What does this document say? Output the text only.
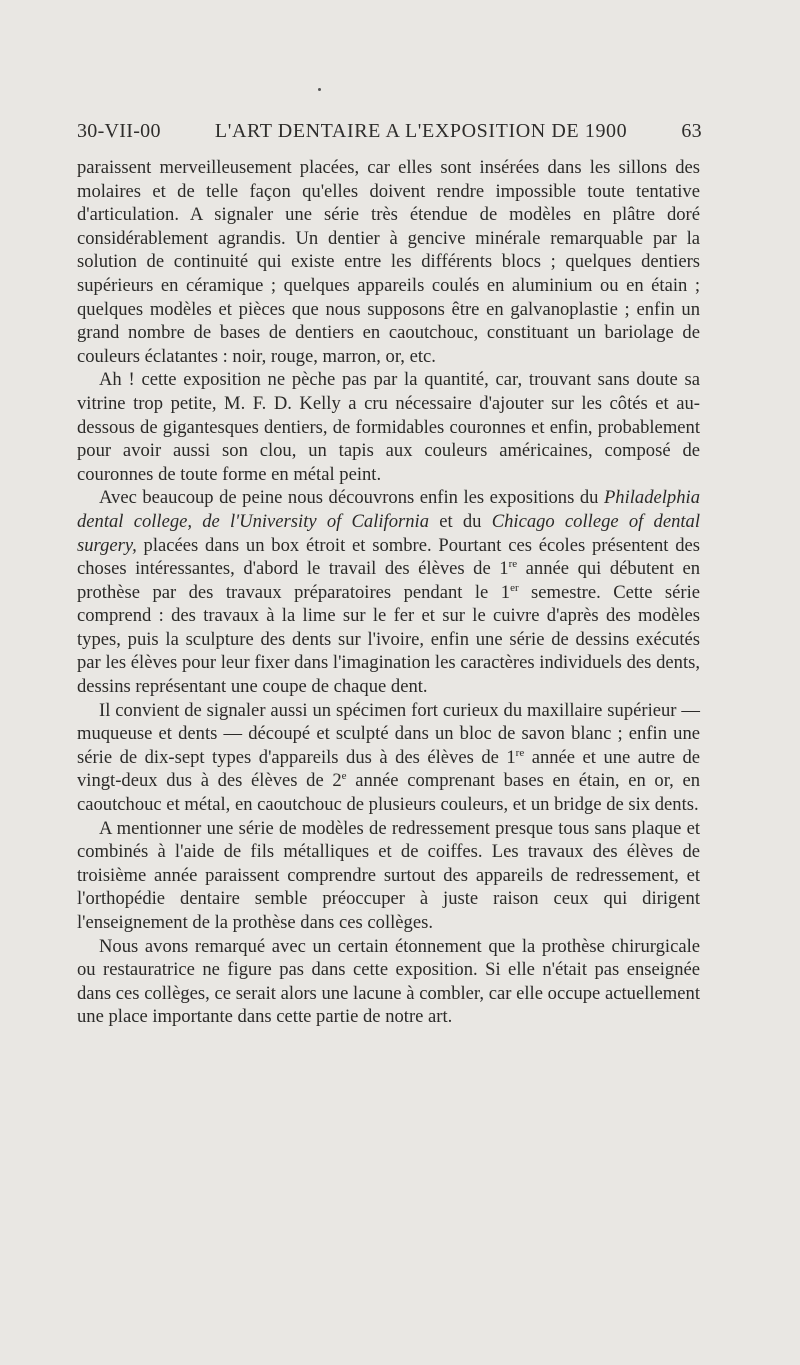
30-VII-00	L'ART DENTAIRE A L'EXPOSITION DE 1900	63

paraissent merveilleusement placées, car elles sont insérées dans les sillons des molaires et de telle façon qu'elles doivent rendre impossible toute tentative d'articulation. A signaler une série très étendue de modèles en plâtre doré considérablement agrandis. Un dentier à gencive minérale remarquable par la solution de continuité qui existe entre les différents blocs ; quelques dentiers supérieurs en céramique ; quelques appareils coulés en aluminium ou en étain ; quelques modèles et pièces que nous supposons être en galvanoplastie ; enfin un grand nombre de bases de dentiers en caoutchouc, constituant un bariolage de couleurs éclatantes : noir, rouge, marron, or, etc.

Ah ! cette exposition ne pèche pas par la quantité, car, trouvant sans doute sa vitrine trop petite, M. F. D. Kelly a cru nécessaire d'ajouter sur les côtés et au-dessous de gigantesques dentiers, de formidables couronnes et enfin, probablement pour avoir aussi son clou, un tapis aux couleurs américaines, composé de couronnes de toute forme en métal peint.

Avec beaucoup de peine nous découvrons enfin les expositions du Philadelphia dental college, de l'University of California et du Chicago college of dental surgery, placées dans un box étroit et sombre. Pourtant ces écoles présentent des choses intéressantes, d'abord le travail des élèves de 1re année qui débutent en prothèse par des travaux préparatoires pendant le 1er semestre. Cette série comprend : des travaux à la lime sur le fer et sur le cuivre d'après des modèles types, puis la sculpture des dents sur l'ivoire, enfin une série de dessins exécutés par les élèves pour leur fixer dans l'imagination les caractères individuels des dents, dessins représentant une coupe de chaque dent.

Il convient de signaler aussi un spécimen fort curieux du maxillaire supérieur — muqueuse et dents — découpé et sculpté dans un bloc de savon blanc ; enfin une série de dix-sept types d'appareils dus à des élèves de 1re année et une autre de vingt-deux dus à des élèves de 2e année comprenant bases en étain, en or, en caoutchouc et métal, en caoutchouc de plusieurs couleurs, et un bridge de six dents.

A mentionner une série de modèles de redressement presque tous sans plaque et combinés à l'aide de fils métalliques et de coiffes. Les travaux des élèves de troisième année paraissent comprendre surtout des appareils de redressement, et l'orthopédie dentaire semble préoccuper à juste raison ceux qui dirigent l'enseignement de la prothèse dans ces collèges.

Nous avons remarqué avec un certain étonnement que la prothèse chirurgicale ou restauratrice ne figure pas dans cette exposition. Si elle n'était pas enseignée dans ces collèges, ce serait alors une lacune à combler, car elle occupe actuellement une place importante dans cette partie de notre art.
